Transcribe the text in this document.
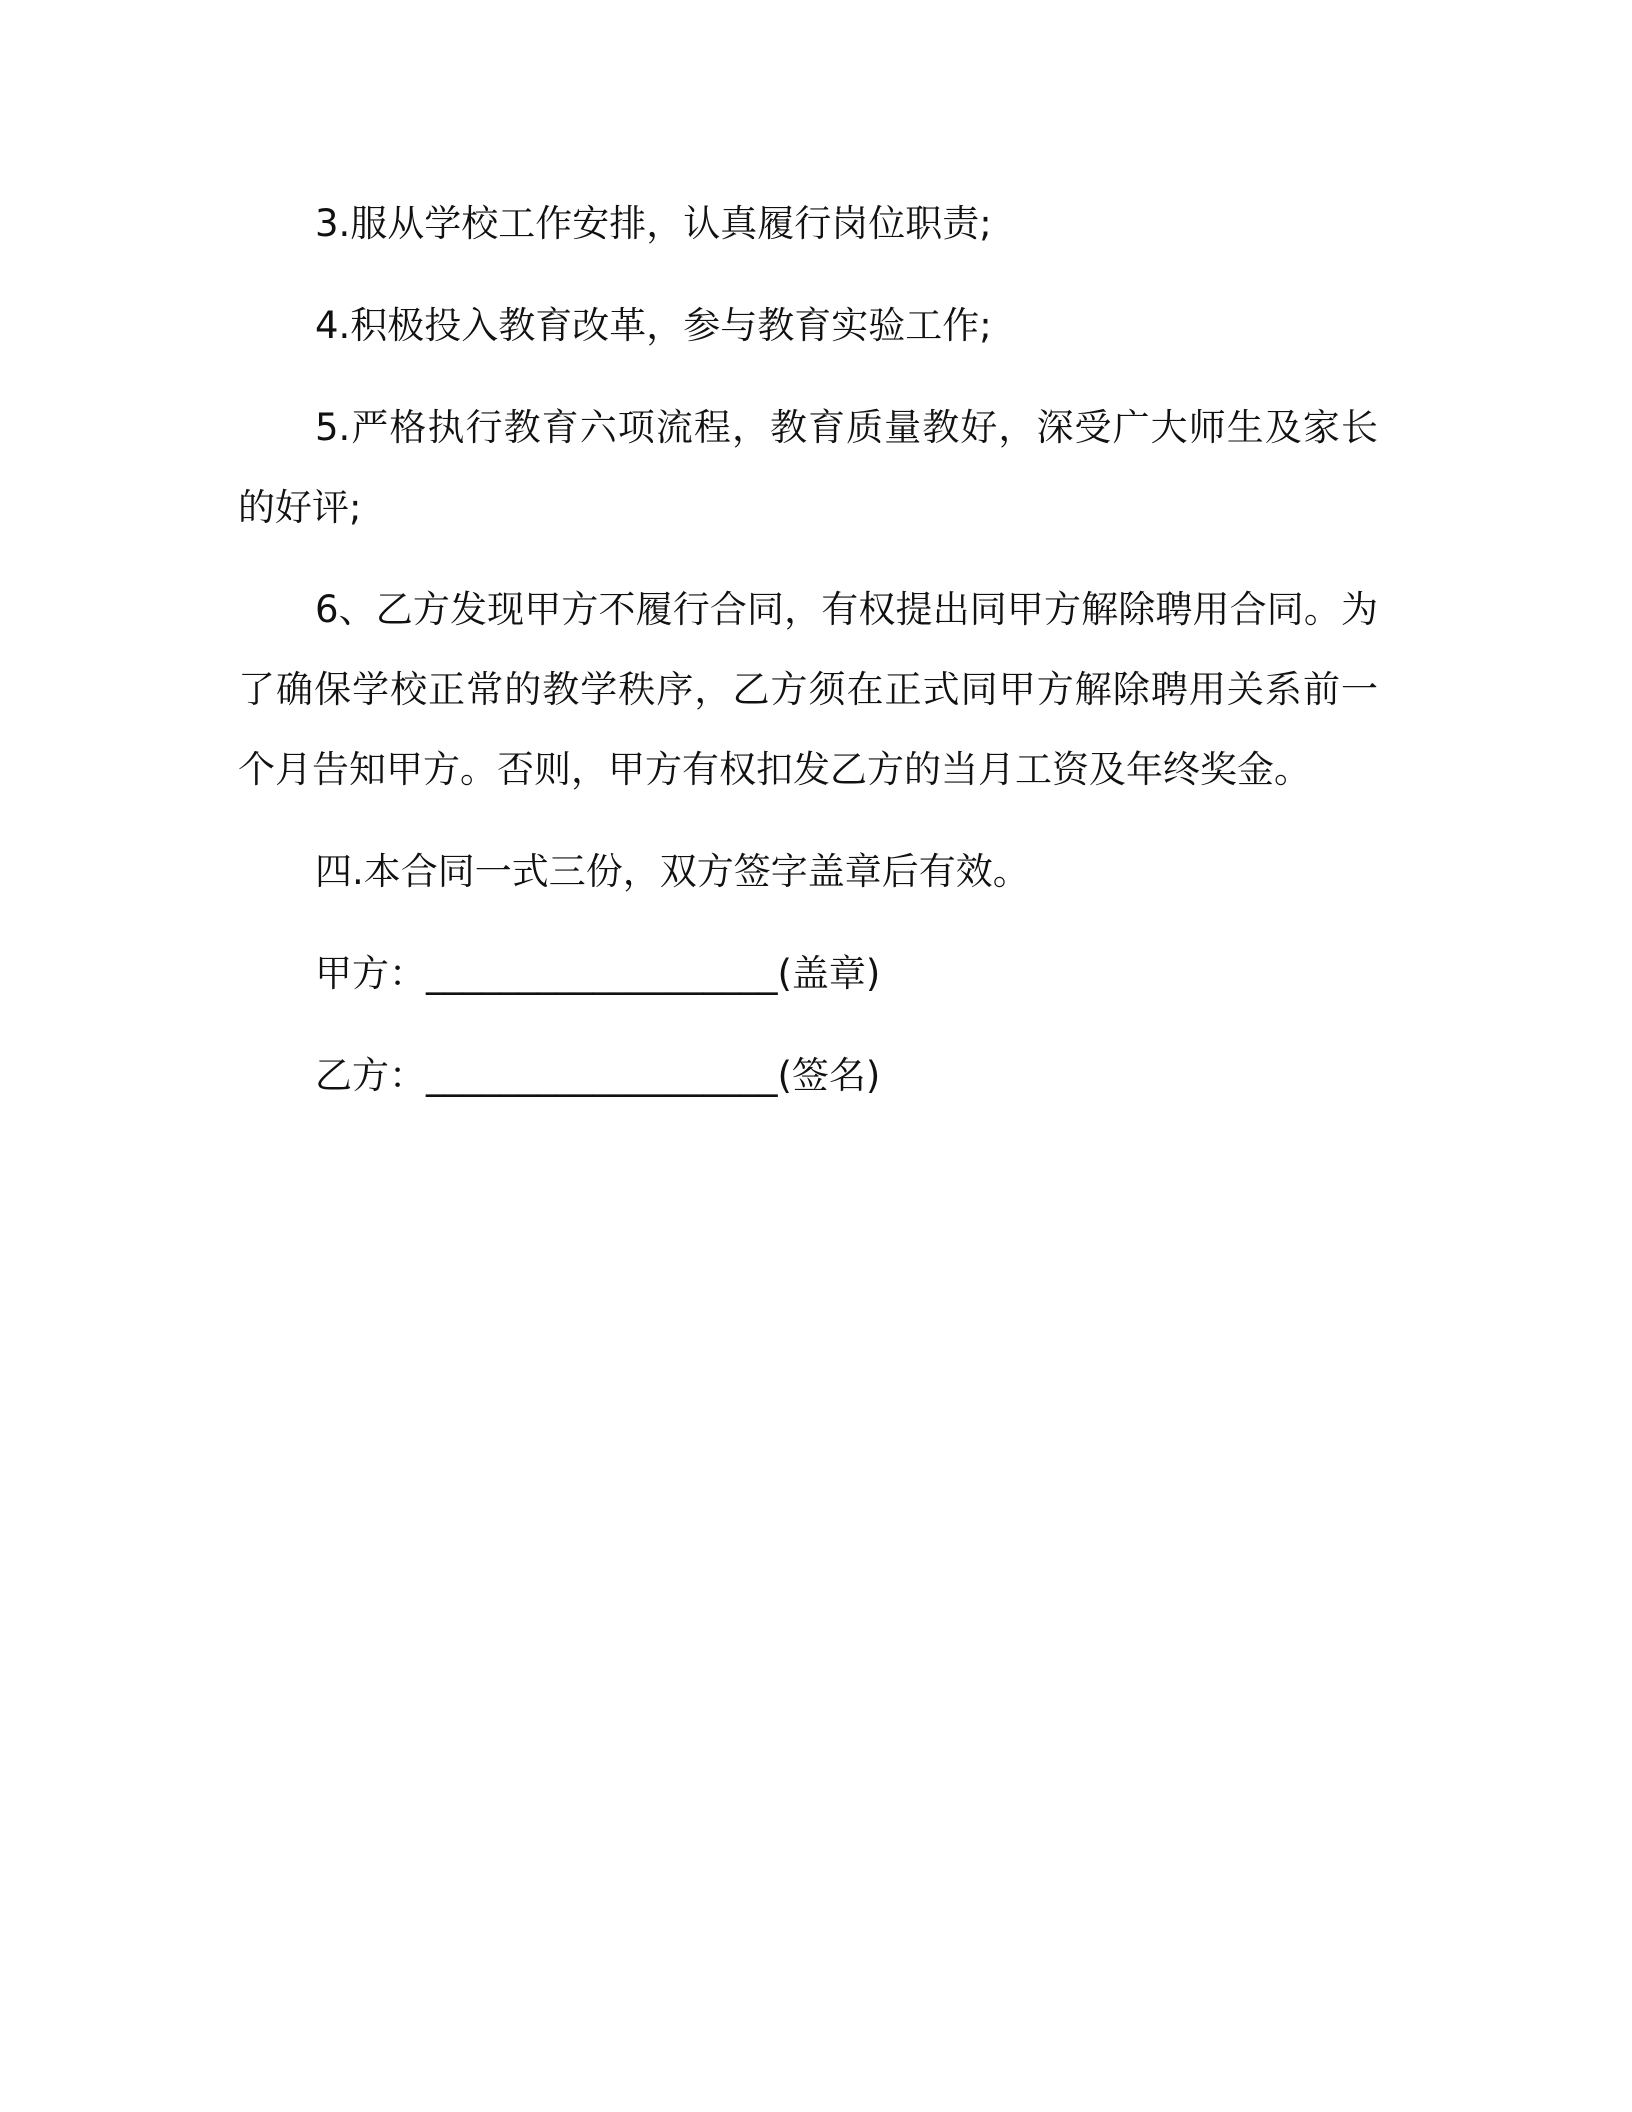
3.服从学校工作安排，认真履行岗位职责;

4.积极投入教育改革，参与教育实验工作;

5.严格执行教育六项流程，教育质量教好，深受广大师生及家长的好评;

6、乙方发现甲方不履行合同，有权提出同甲方解除聘用合同。为了确保学校正常的教学秩序，乙方须在正式同甲方解除聘用关系前一个月告知甲方。否则，甲方有权扣发乙方的当月工资及年终奖金。

四.本合同一式三份，双方签字盖章后有效。

甲方：___________________(盖章)

乙方：___________________(签名)
